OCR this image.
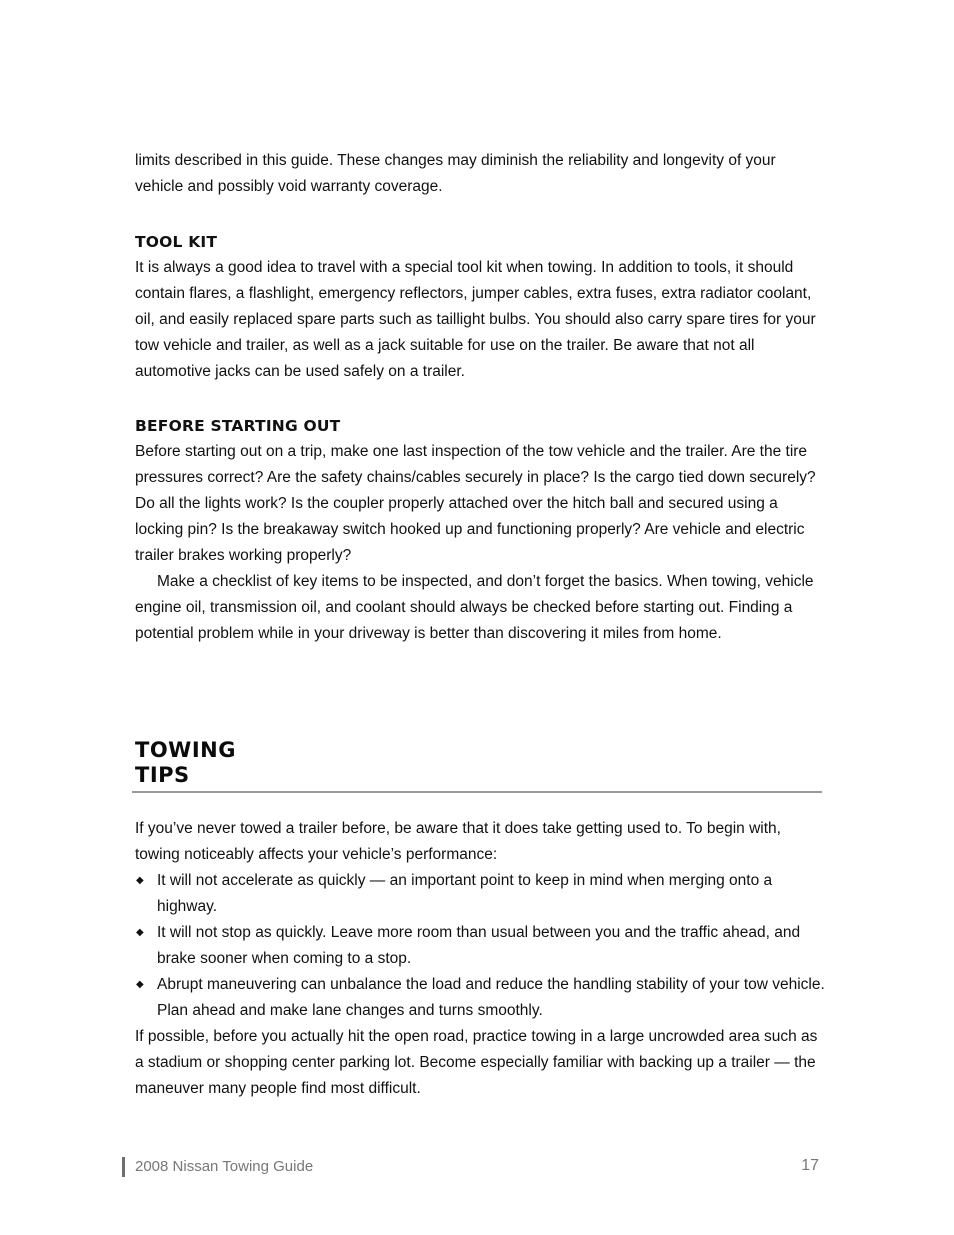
limits described in this guide. These changes may diminish the reliability and longevity of your vehicle and possibly void warranty coverage.

TOOL KIT

It is always a good idea to travel with a special tool kit when towing. In addition to tools, it should contain flares, a flashlight, emergency reflectors, jumper cables, extra fuses, extra radiator coolant, oil, and easily replaced spare parts such as taillight bulbs. You should also carry spare tires for your tow vehicle and trailer, as well as a jack suitable for use on the trailer. Be aware that not all automotive jacks can be used safely on a trailer.

BEFORE STARTING OUT

Before starting out on a trip, make one last inspection of the tow vehicle and the trailer. Are the tire pressures correct? Are the safety chains/cables securely in place? Is the cargo tied down securely? Do all the lights work? Is the coupler properly attached over the hitch ball and secured using a locking pin? Is the breakaway switch hooked up and functioning properly? Are vehicle and electric trailer brakes working properly?

Make a checklist of key items to be inspected, and don’t forget the basics. When towing, vehicle engine oil, transmission oil, and coolant should always be checked before starting out. Finding a potential problem while in your driveway is better than discovering it miles from home.

TOWING
TIPS

If you’ve never towed a trailer before, be aware that it does take getting used to. To begin with, towing noticeably affects your vehicle’s performance:

◆ It will not accelerate as quickly — an important point to keep in mind when merging onto a highway.
◆ It will not stop as quickly. Leave more room than usual between you and the traffic ahead, and brake sooner when coming to a stop.
◆ Abrupt maneuvering can unbalance the load and reduce the handling stability of your tow vehicle. Plan ahead and make lane changes and turns smoothly.

If possible, before you actually hit the open road, practice towing in a large uncrowded area such as a stadium or shopping center parking lot. Become especially familiar with backing up a trailer — the maneuver many people find most difficult.

2008 Nissan Towing Guide	17
